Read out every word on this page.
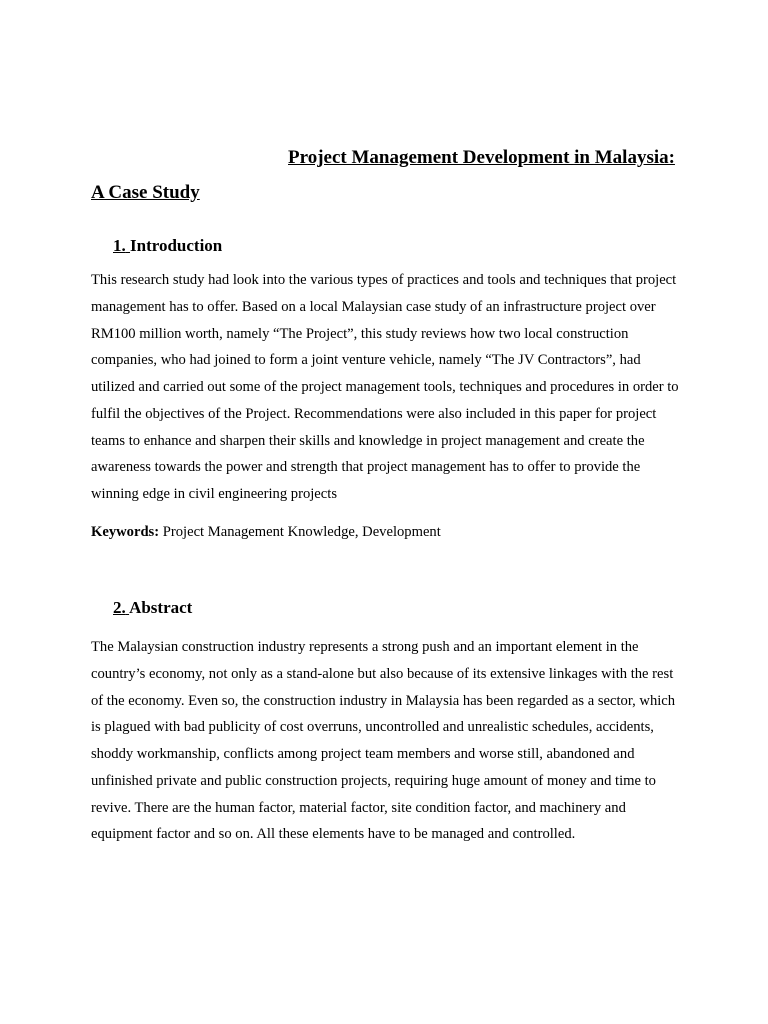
Project Management Development in Malaysia: A Case Study
1. Introduction

This research study had look into the various types of practices and tools and techniques that project management has to offer. Based on a local Malaysian case study of an infrastructure project over RM100 million worth, namely “The Project”, this study reviews how two local construction companies, who had joined to form a joint venture vehicle, namely “The JV Contractors”, had utilized and carried out some of the project management tools, techniques and procedures in order to fulfil the objectives of the Project. Recommendations were also included in this paper for project teams to enhance and sharpen their skills and knowledge in project management and create the awareness towards the power and strength that project management has to offer to provide the winning edge in civil engineering projects

Keywords: Project Management Knowledge, Development

2. Abstract

The Malaysian construction industry represents a strong push and an important element in the country’s economy, not only as a stand-alone but also because of its extensive linkages with the rest of the economy. Even so, the construction industry in Malaysia has been regarded as a sector, which is plagued with bad publicity of cost overruns, uncontrolled and unrealistic schedules, accidents, shoddy workmanship, conflicts among project team members and worse still, abandoned and unfinished private and public construction projects, requiring huge amount of money and time to revive. There are the human factor, material factor, site condition factor, and machinery and equipment factor and so on. All these elements have to be managed and controlled.
